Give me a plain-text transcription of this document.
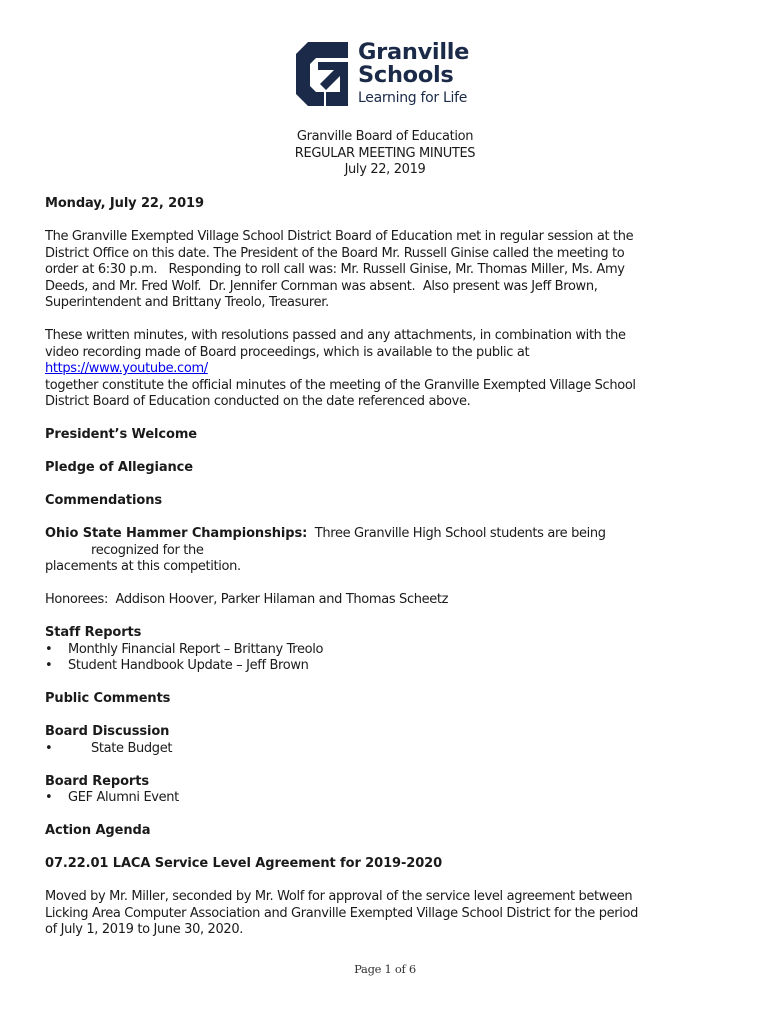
Granville
Schools
Learning for Life
Granville Board of Education
REGULAR MEETING MINUTES
July 22, 2019

Monday, July 22, 2019

The Granville Exempted Village School District Board of Education met in regular session at the

District Office on this date. The President of the Board Mr. Russell Ginise called the meeting to

order at 6:30 p.m.   Responding to roll call was: Mr. Russell Ginise, Mr. Thomas Miller, Ms. Amy

Deeds, and Mr. Fred Wolf.  Dr. Jennifer Cornman was absent.  Also present was Jeff Brown,

Superintendent and Brittany Treolo, Treasurer.

These written minutes, with resolutions passed and any attachments, in combination with the

video recording made of Board proceedings, which is available to the public at

https://www.youtube.com/

together constitute the official minutes of the meeting of the Granville Exempted Village School

District Board of Education conducted on the date referenced above.

President’s Welcome

Pledge of Allegiance

Commendations

Ohio State Hammer Championships:  Three Granville High School students are being

recognized for the

placements at this competition.

Honorees:  Addison Hoover, Parker Hilaman and Thomas Scheetz

Staff Reports

•	Monthly Financial Report – Brittany Treolo
•	Student Handbook Update – Jeff Brown

Public Comments

Board Discussion

•	State Budget

Board Reports

•	GEF Alumni Event

Action Agenda

07.22.01 LACA Service Level Agreement for 2019-2020

Moved by Mr. Miller, seconded by Mr. Wolf for approval of the service level agreement between

Licking Area Computer Association and Granville Exempted Village School District for the period

of July 1, 2019 to June 30, 2020.

Page 1 of 6
